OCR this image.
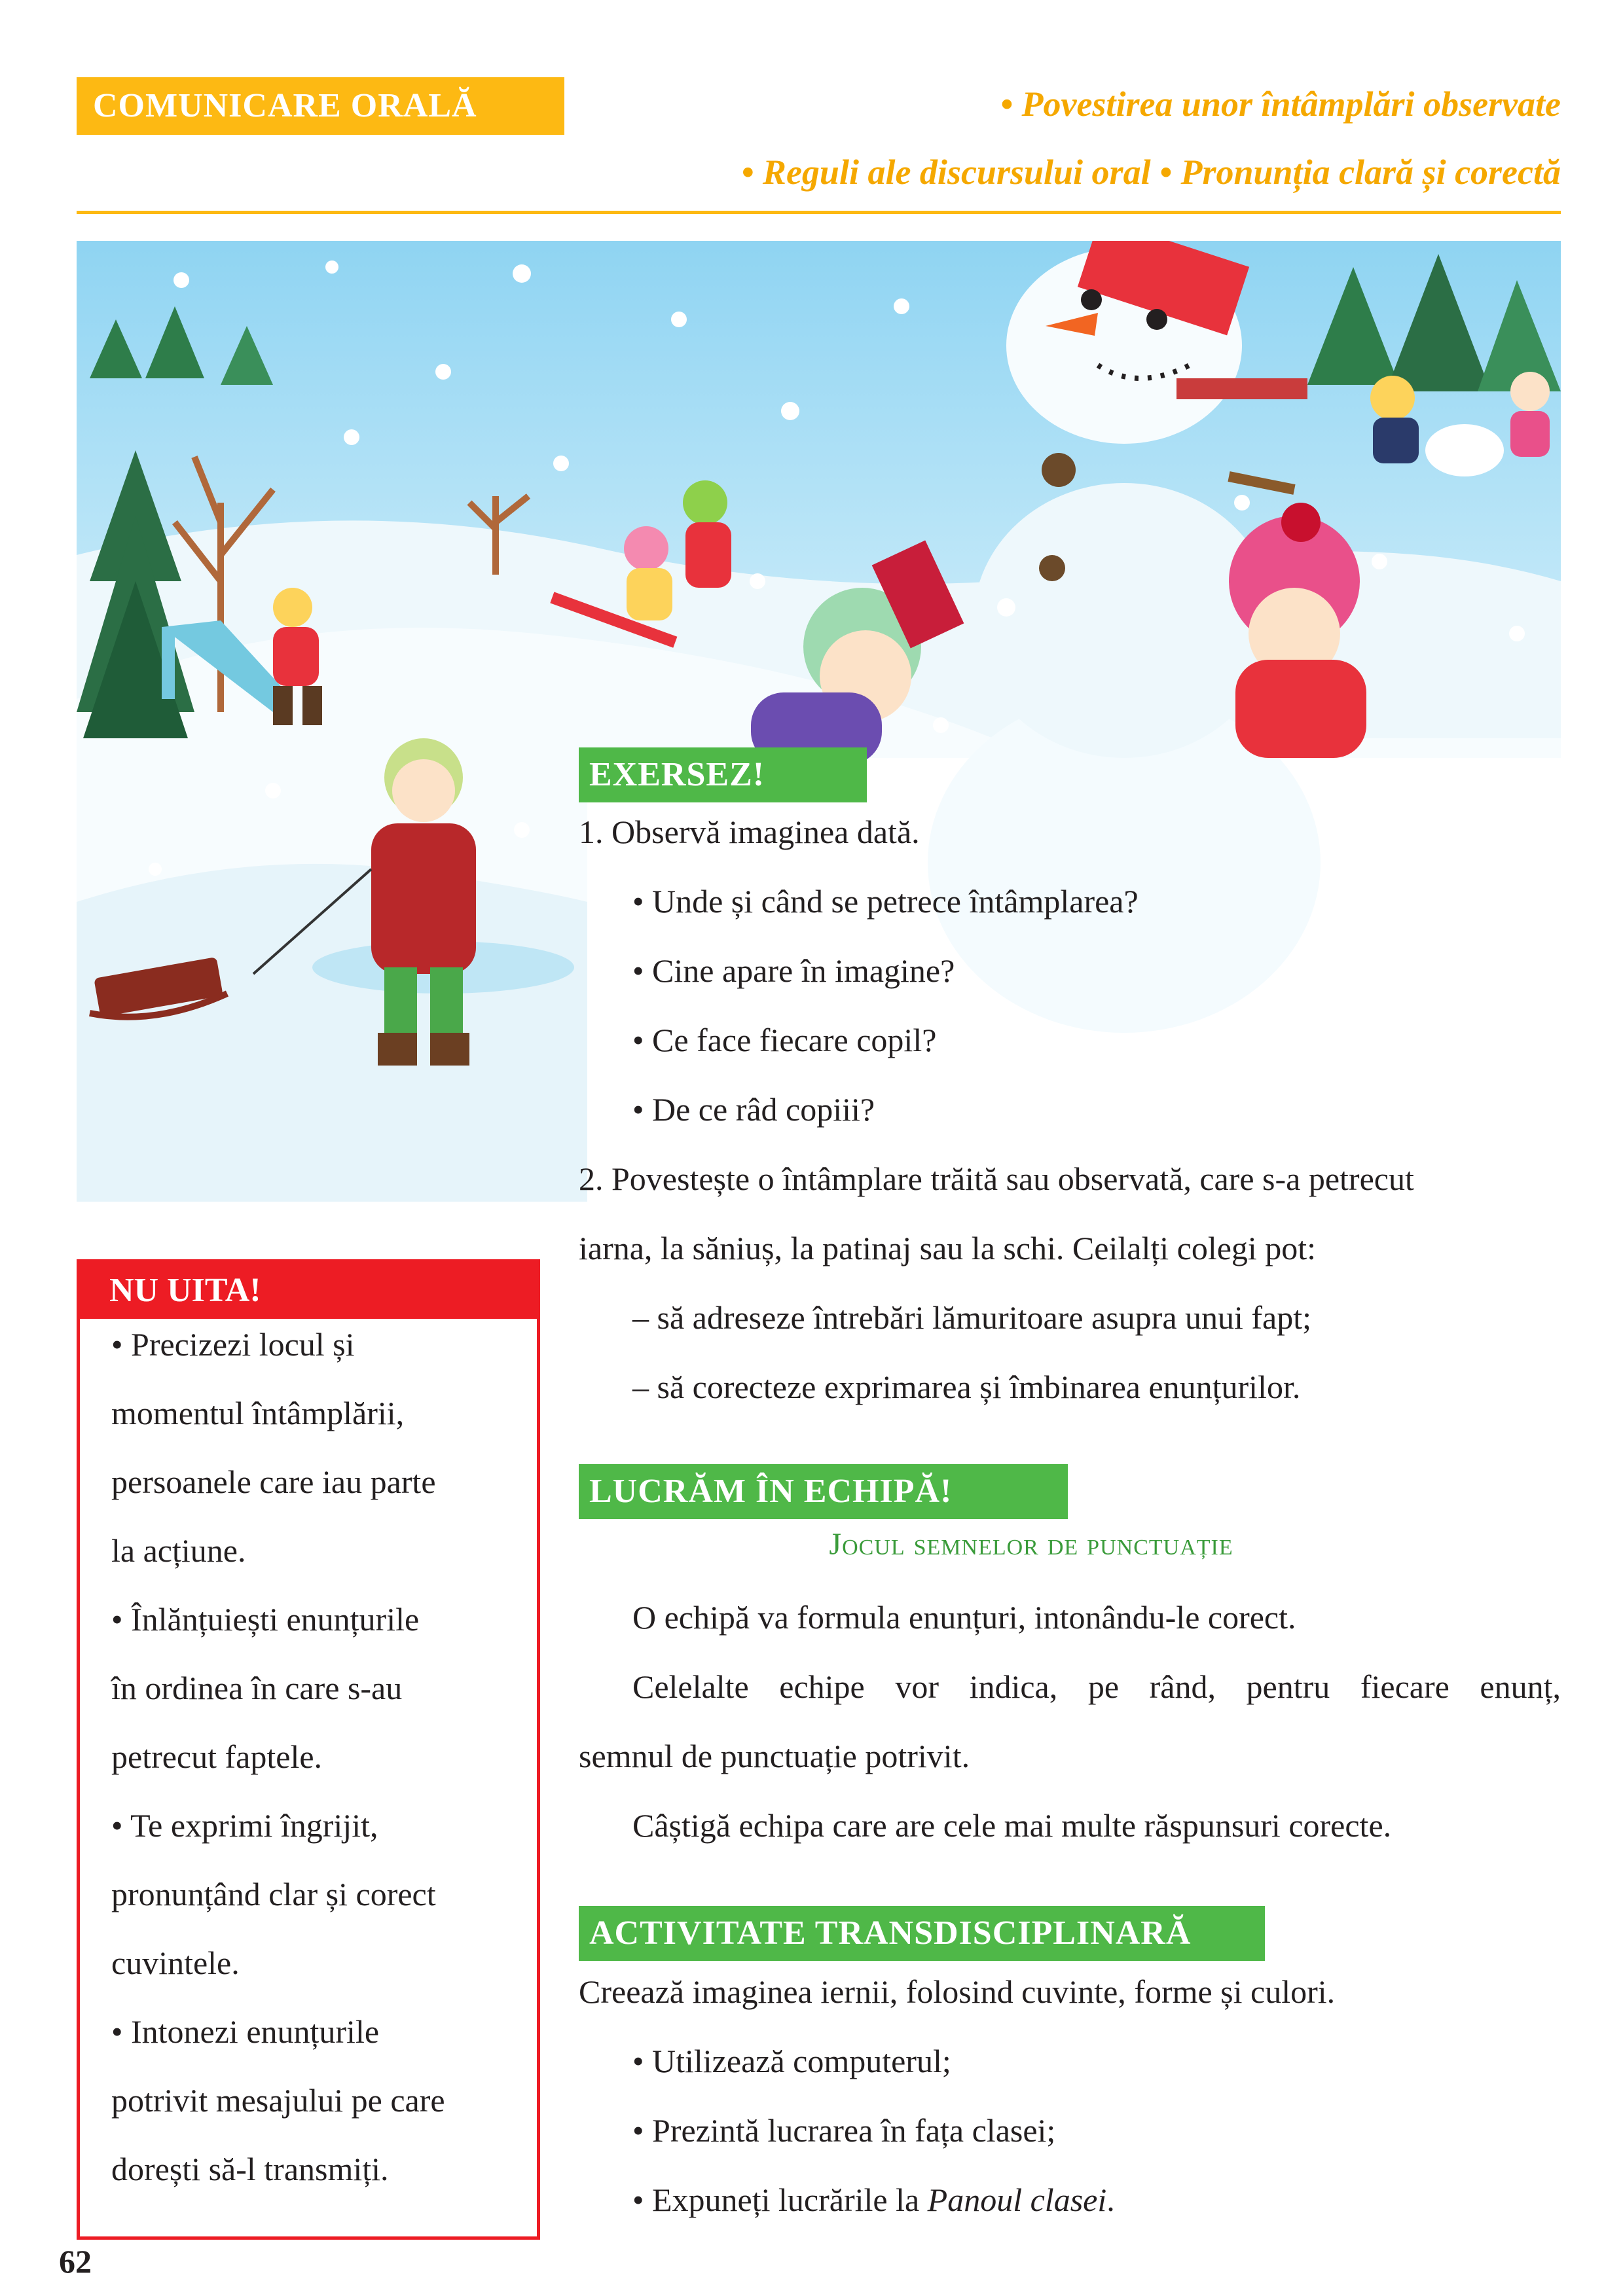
COMUNICARE ORALĂ	• Povestirea unor întâmplări observate
• Reguli ale discursului oral • Pronunția clară și corectă
EXERSEZ!
1. Observă imaginea dată.
• Unde și când se petrece întâmplarea?
• Cine apare în imagine?
• Ce face fiecare copil?
• De ce râd copiii?
2. Povestește o întâmplare trăită sau observată, care s-a petrecut
iarna, la săniuș, la patinaj sau la schi. Ceilalți colegi pot:
– să adreseze întrebări lămuritoare asupra unui fapt;
– să corecteze exprimarea și îmbinarea enunțurilor.
LUCRĂM ÎN ECHIPĂ!
Jocul semnelor de punctuație
O echipă va formula enunțuri, intonându-le corect.
Celelalte echipe vor indica, pe rând, pentru fiecare enunț,
semnul de punctuație potrivit.
Câștigă echipa care are cele mai multe răspunsuri corecte.
ACTIVITATE TRANSDISCIPLINARĂ
Creează imaginea iernii, folosind cuvinte, forme și culori.
• Utilizează computerul;
• Prezintă lucrarea în fața clasei;
• Expuneți lucrările la Panoul clasei.
NU UITA!
• Precizezi locul și
momentul întâmplării,
persoanele care iau parte
la acțiune.
• Înlănțuiești enunțurile
în ordinea în care s-au
petrecut faptele.
• Te exprimi îngrijit,
pronunțând clar și corect
cuvintele.
• Intonezi enunțurile
potrivit mesajului pe care
dorești să-l transmiți.
62
